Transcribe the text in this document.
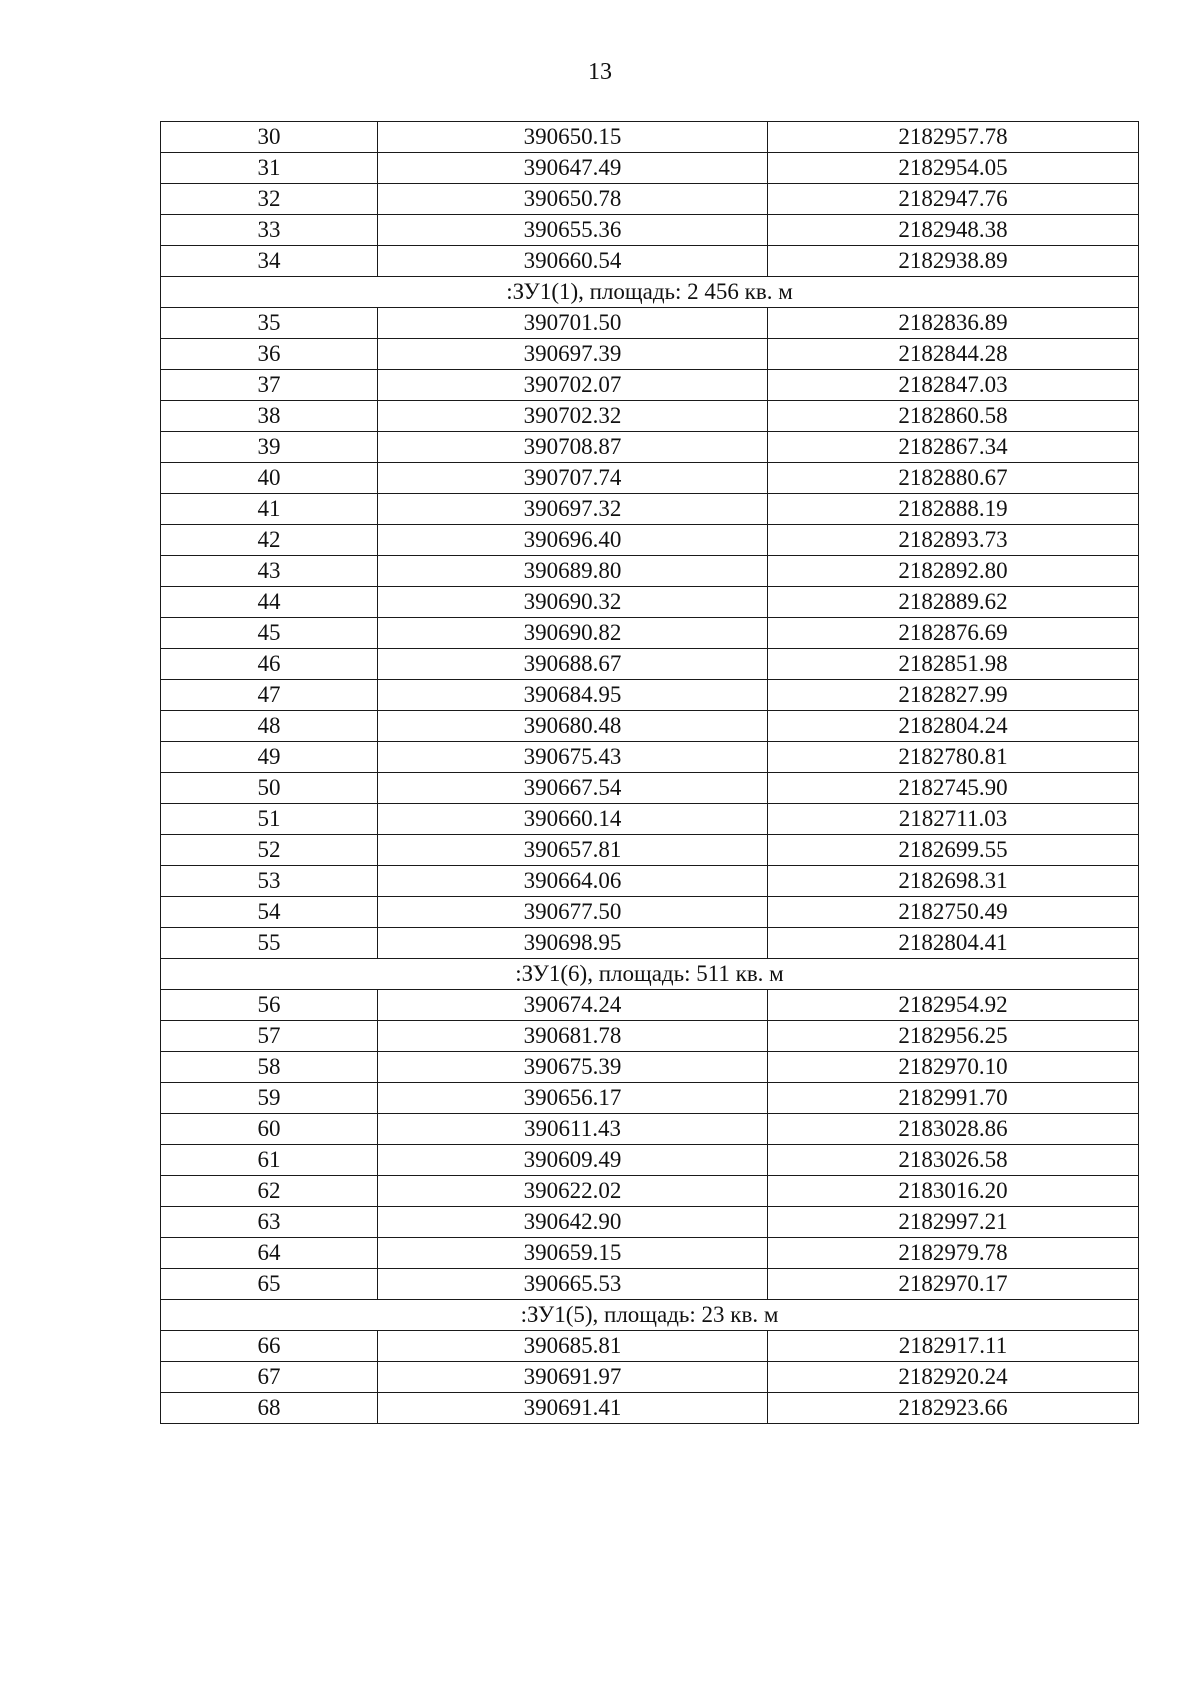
13
30	390650.15	2182957.78
31	390647.49	2182954.05
32	390650.78	2182947.76
33	390655.36	2182948.38
34	390660.54	2182938.89
:ЗУ1(1), площадь: 2 456 кв. м		
35	390701.50	2182836.89
36	390697.39	2182844.28
37	390702.07	2182847.03
38	390702.32	2182860.58
39	390708.87	2182867.34
40	390707.74	2182880.67
41	390697.32	2182888.19
42	390696.40	2182893.73
43	390689.80	2182892.80
44	390690.32	2182889.62
45	390690.82	2182876.69
46	390688.67	2182851.98
47	390684.95	2182827.99
48	390680.48	2182804.24
49	390675.43	2182780.81
50	390667.54	2182745.90
51	390660.14	2182711.03
52	390657.81	2182699.55
53	390664.06	2182698.31
54	390677.50	2182750.49
55	390698.95	2182804.41
:ЗУ1(6), площадь: 511 кв. м		
56	390674.24	2182954.92
57	390681.78	2182956.25
58	390675.39	2182970.10
59	390656.17	2182991.70
60	390611.43	2183028.86
61	390609.49	2183026.58
62	390622.02	2183016.20
63	390642.90	2182997.21
64	390659.15	2182979.78
65	390665.53	2182970.17
:ЗУ1(5), площадь: 23 кв. м		
66	390685.81	2182917.11
67	390691.97	2182920.24
68	390691.41	2182923.66
